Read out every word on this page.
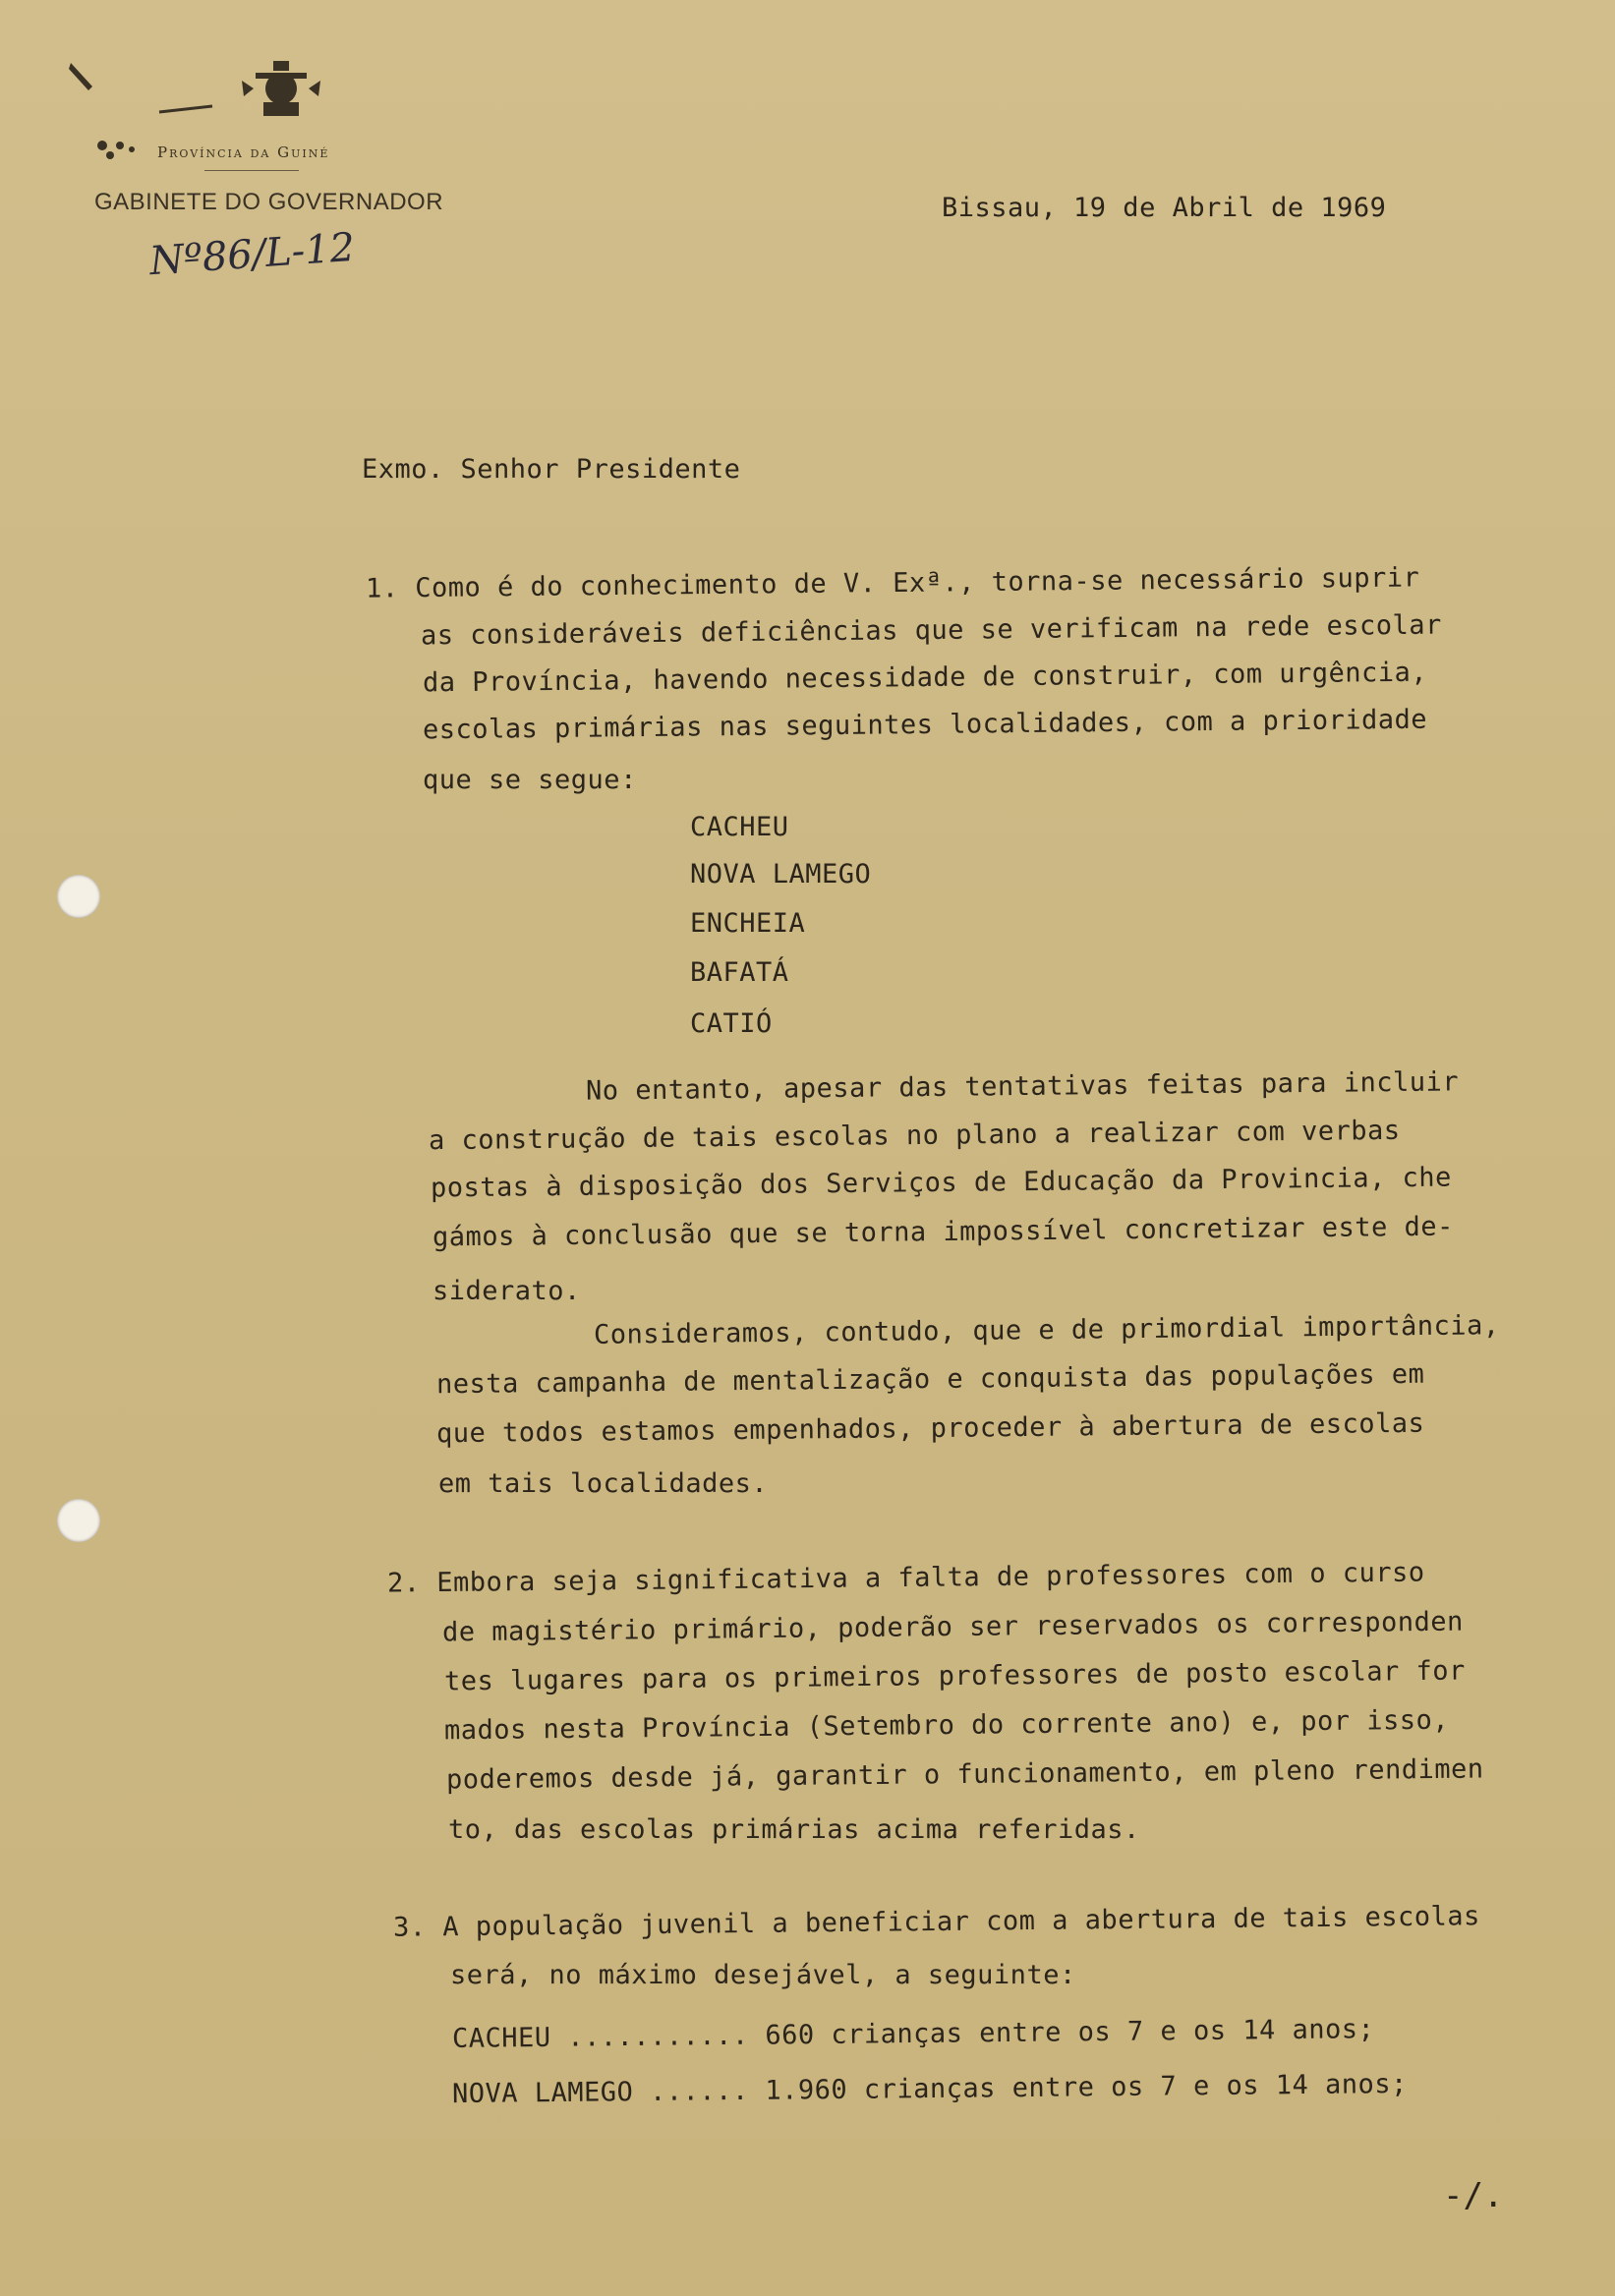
Província da Guiné
GABINETE DO GOVERNADOR
Nº86/L-12
Bissau, 19 de Abril de 1969
Exmo. Senhor Presidente
1. Como é do conhecimento de V. Exª., torna-se necessário suprir
as consideráveis deficiências que se verificam na rede escolar
da Província, havendo necessidade de construir, com urgência,
escolas primárias nas seguintes localidades, com a prioridade
que se segue:
CACHEU
NOVA LAMEGO
ENCHEIA
BAFATÁ
CATIÓ
No entanto, apesar das tentativas feitas para incluir
a construção de tais escolas no plano a realizar com verbas
postas à disposição dos Serviços de Educação da Provincia, che
gámos à conclusão que se torna impossível concretizar este de-
siderato.
Consideramos, contudo, que e de primordial importância,
nesta campanha de mentalização e conquista das populações em
que todos estamos empenhados, proceder à abertura de escolas
em tais localidades.
2. Embora seja significativa a falta de professores com o curso
de magistério primário, poderão ser reservados os corresponden
tes lugares para os primeiros professores de posto escolar for
mados nesta Província (Setembro do corrente ano) e, por isso,
poderemos desde já, garantir o funcionamento, em pleno rendimen
to, das escolas primárias acima referidas.
3. A população juvenil a beneficiar com a abertura de tais escolas
será, no máximo desejável, a seguinte:
CACHEU ........... 660 crianças entre os 7 e os 14 anos;
NOVA LAMEGO ...... 1.960 crianças entre os 7 e os 14 anos;
-/.
